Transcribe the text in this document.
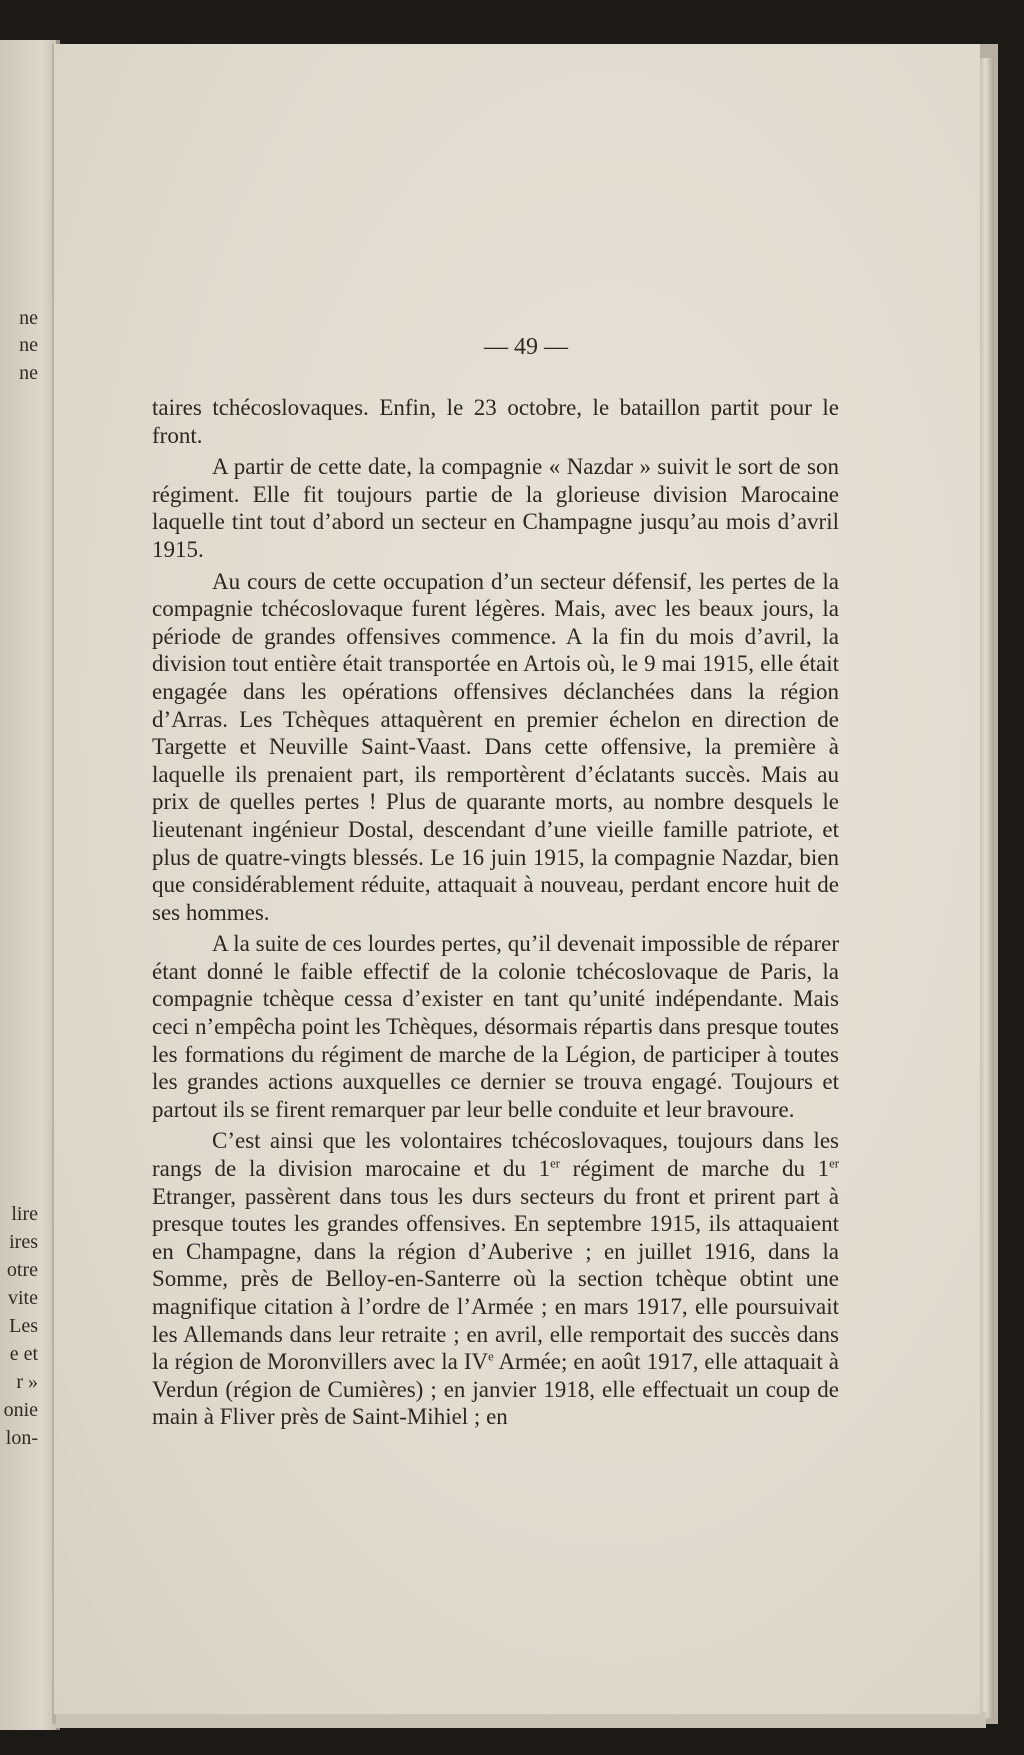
ne
ne
ne
lire
ires
otre
vite
Les
e et
r »
onie
lon-
— 49 —

taires tchécoslovaques. Enfin, le 23 octobre, le bataillon partit pour le front.

A partir de cette date, la compagnie « Nazdar » suivit le sort de son régiment. Elle fit toujours partie de la glorieuse division Marocaine laquelle tint tout d’abord un secteur en Champagne jusqu’au mois d’avril 1915.

Au cours de cette occupation d’un secteur défensif, les pertes de la compagnie tchécoslovaque furent légères. Mais, avec les beaux jours, la période de grandes offensives commence. A la fin du mois d’avril, la division tout entière était transportée en Artois où, le 9 mai 1915, elle était engagée dans les opérations offensives déclanchées dans la région d’Arras. Les Tchèques attaquèrent en premier échelon en direction de Targette et Neuville Saint-Vaast. Dans cette offensive, la première à laquelle ils prenaient part, ils remportèrent d’éclatants succès. Mais au prix de quelles pertes ! Plus de quarante morts, au nombre desquels le lieutenant ingénieur Dostal, descendant d’une vieille famille patriote, et plus de quatre-vingts blessés. Le 16 juin 1915, la compagnie Nazdar, bien que considérablement réduite, attaquait à nouveau, perdant encore huit de ses hommes.

A la suite de ces lourdes pertes, qu’il devenait impossible de réparer étant donné le faible effectif de la colonie tchécoslovaque de Paris, la compagnie tchèque cessa d’exister en tant qu’unité indépendante. Mais ceci n’empêcha point les Tchèques, désormais répartis dans presque toutes les formations du régiment de marche de la Légion, de participer à toutes les grandes actions auxquelles ce dernier se trouva engagé. Toujours et partout ils se firent remarquer par leur belle conduite et leur bravoure.

C’est ainsi que les volontaires tchécoslovaques, toujours dans les rangs de la division marocaine et du 1er régiment de marche du 1er Etranger, passèrent dans tous les durs secteurs du front et prirent part à presque toutes les grandes offensives. En septembre 1915, ils attaquaient en Champagne, dans la région d’Auberive ; en juillet 1916, dans la Somme, près de Belloy-en-Santerre où la section tchèque obtint une magnifique citation à l’ordre de l’Armée ; en mars 1917, elle poursuivait les Allemands dans leur retraite ; en avril, elle remportait des succès dans la région de Moronvillers avec la IVe Armée; en août 1917, elle attaquait à Verdun (région de Cumières) ; en janvier 1918, elle effectuait un coup de main à Fliver près de Saint-Mihiel ; en
